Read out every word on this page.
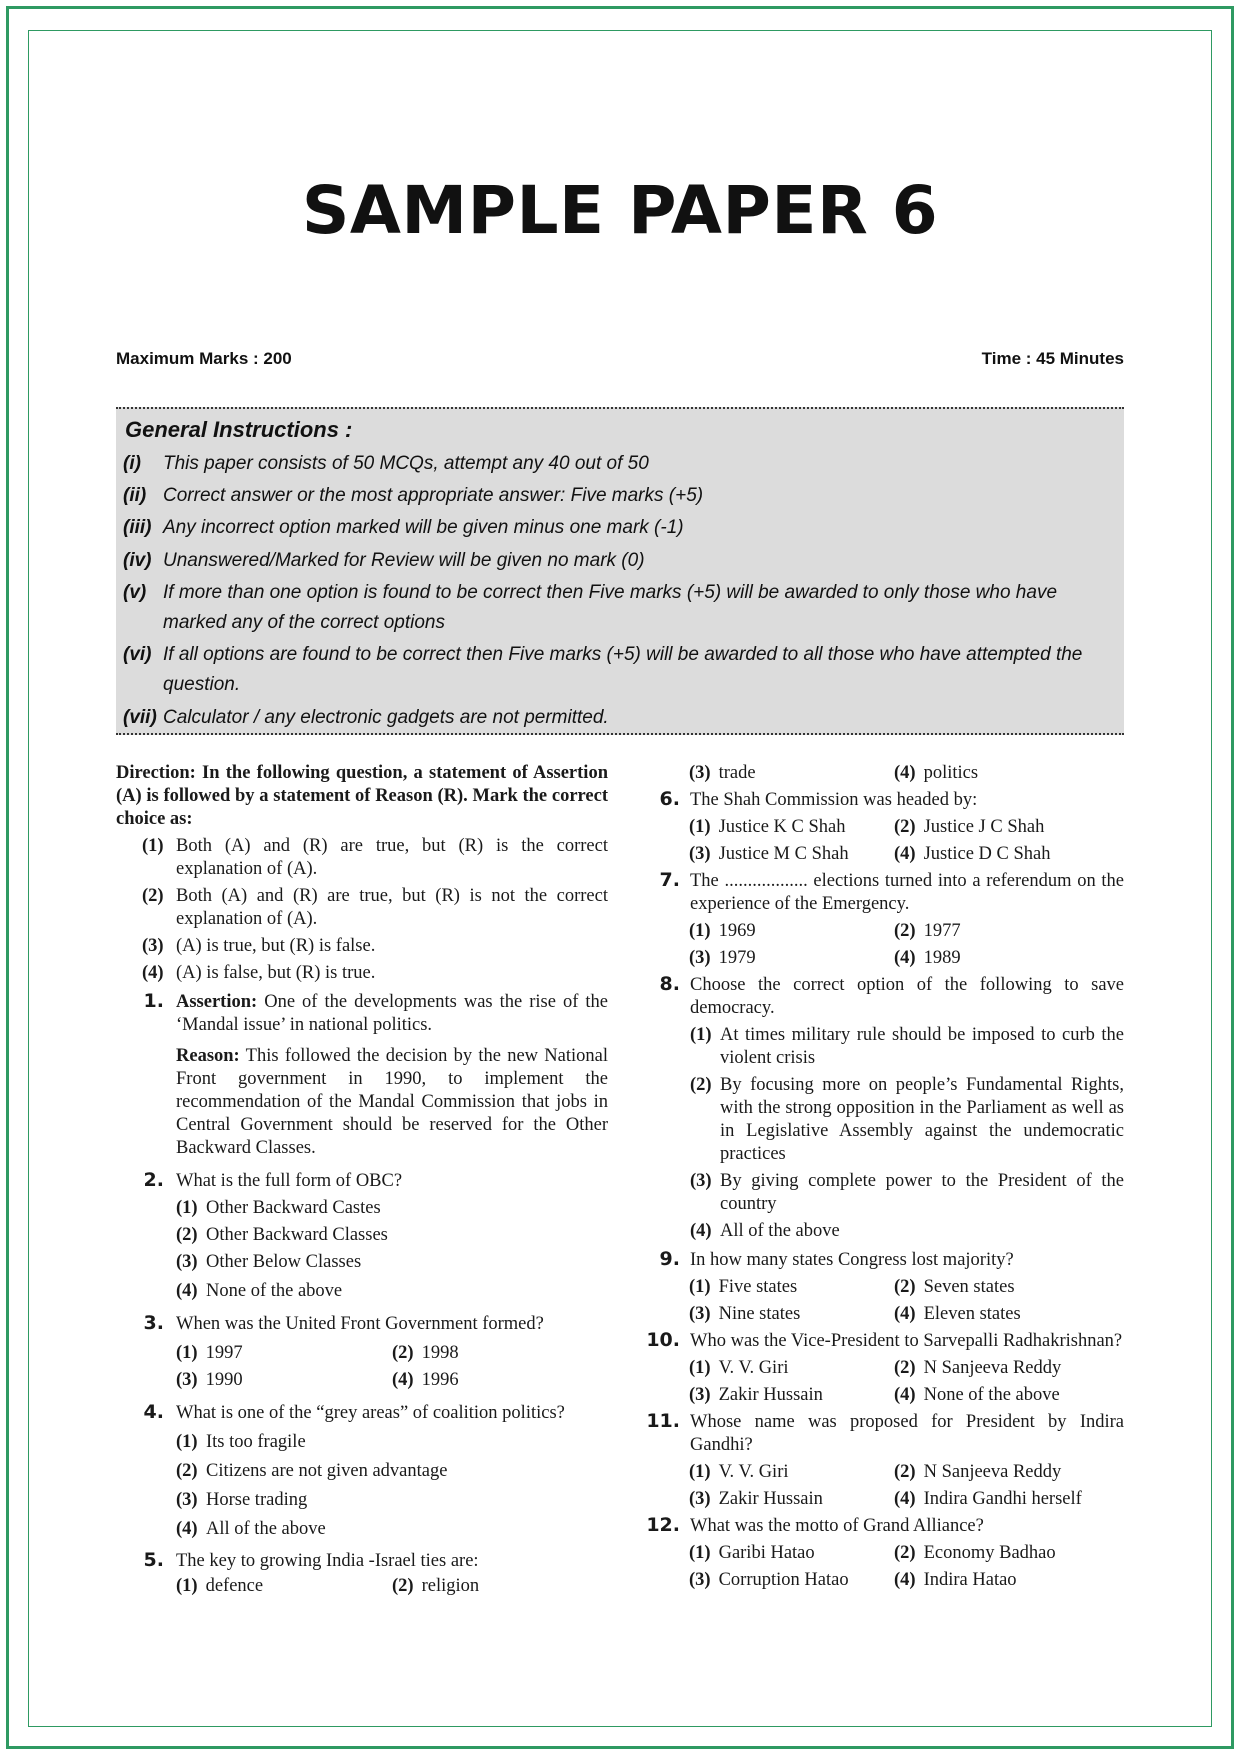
SAMPLE PAPER 6
Maximum Marks : 200	Time : 45 Minutes
General Instructions :
(i) This paper consists of 50 MCQs, attempt any 40 out of 50
(ii) Correct answer or the most appropriate answer: Five marks (+5)
(iii) Any incorrect option marked will be given minus one mark (-1)
(iv) Unanswered/Marked for Review will be given no mark (0)
(v) If more than one option is found to be correct then Five marks (+5) will be awarded to only those who have marked any of the correct options
(vi) If all options are found to be correct then Five marks (+5) will be awarded to all those who have attempted the question.
(vii) Calculator / any electronic gadgets are not permitted.
Direction: In the following question, a statement of Assertion (A) is followed by a statement of Reason (R). Mark the correct choice as:
(1) Both (A) and (R) are true, but (R) is the correct explanation of (A).
(2) Both (A) and (R) are true, but (R) is not the correct explanation of (A).
(3) (A) is true, but (R) is false.
(4) (A) is false, but (R) is true.
1. Assertion: One of the developments was the rise of the ‘Mandal issue’ in national politics.
Reason: This followed the decision by the new National Front government in 1990, to implement the recommendation of the Mandal Commission that jobs in Central Government should be reserved for the Other Backward Classes.
2. What is the full form of OBC?
(1) Other Backward Castes
(2) Other Backward Classes
(3) Other Below Classes
(4) None of the above
3. When was the United Front Government formed?
(1) 1997	(2) 1998
(3) 1990	(4) 1996
4. What is one of the “grey areas” of coalition politics?
(1) Its too fragile
(2) Citizens are not given advantage
(3) Horse trading
(4) All of the above
5. The key to growing India -Israel ties are:
(1) defence	(2) religion
(3) trade	(4) politics
6. The Shah Commission was headed by:
(1) Justice K C Shah	(2) Justice J C Shah
(3) Justice M C Shah (4) Justice D C Shah
7. The .................. elections turned into a referendum on the experience of the Emergency.
(1) 1969	(2) 1977
(3) 1979	(4) 1989
8. Choose the correct option of the following to save democracy.
(1) At times military rule should be imposed to curb the violent crisis
(2) By focusing more on people’s Fundamental Rights, with the strong opposition in the Parliament as well as in Legislative Assembly against the undemocratic practices
(3) By giving complete power to the President of the country
(4) All of the above
9. In how many states Congress lost majority?
(1) Five states	(2) Seven states
(3) Nine states	(4) Eleven states
10. Who was the Vice-President to Sarvepalli Radhakrishnan?
(1) V. V. Giri	(2) N Sanjeeva Reddy
(3) Zakir Hussain	(4) None of the above
11. Whose name was proposed for President by Indira Gandhi?
(1) V. V. Giri	(2) N Sanjeeva Reddy
(3) Zakir Hussain	(4) Indira Gandhi herself
12. What was the motto of Grand Alliance?
(1) Garibi Hatao	(2) Economy Badhao
(3) Corruption Hatao (4) Indira Hatao
